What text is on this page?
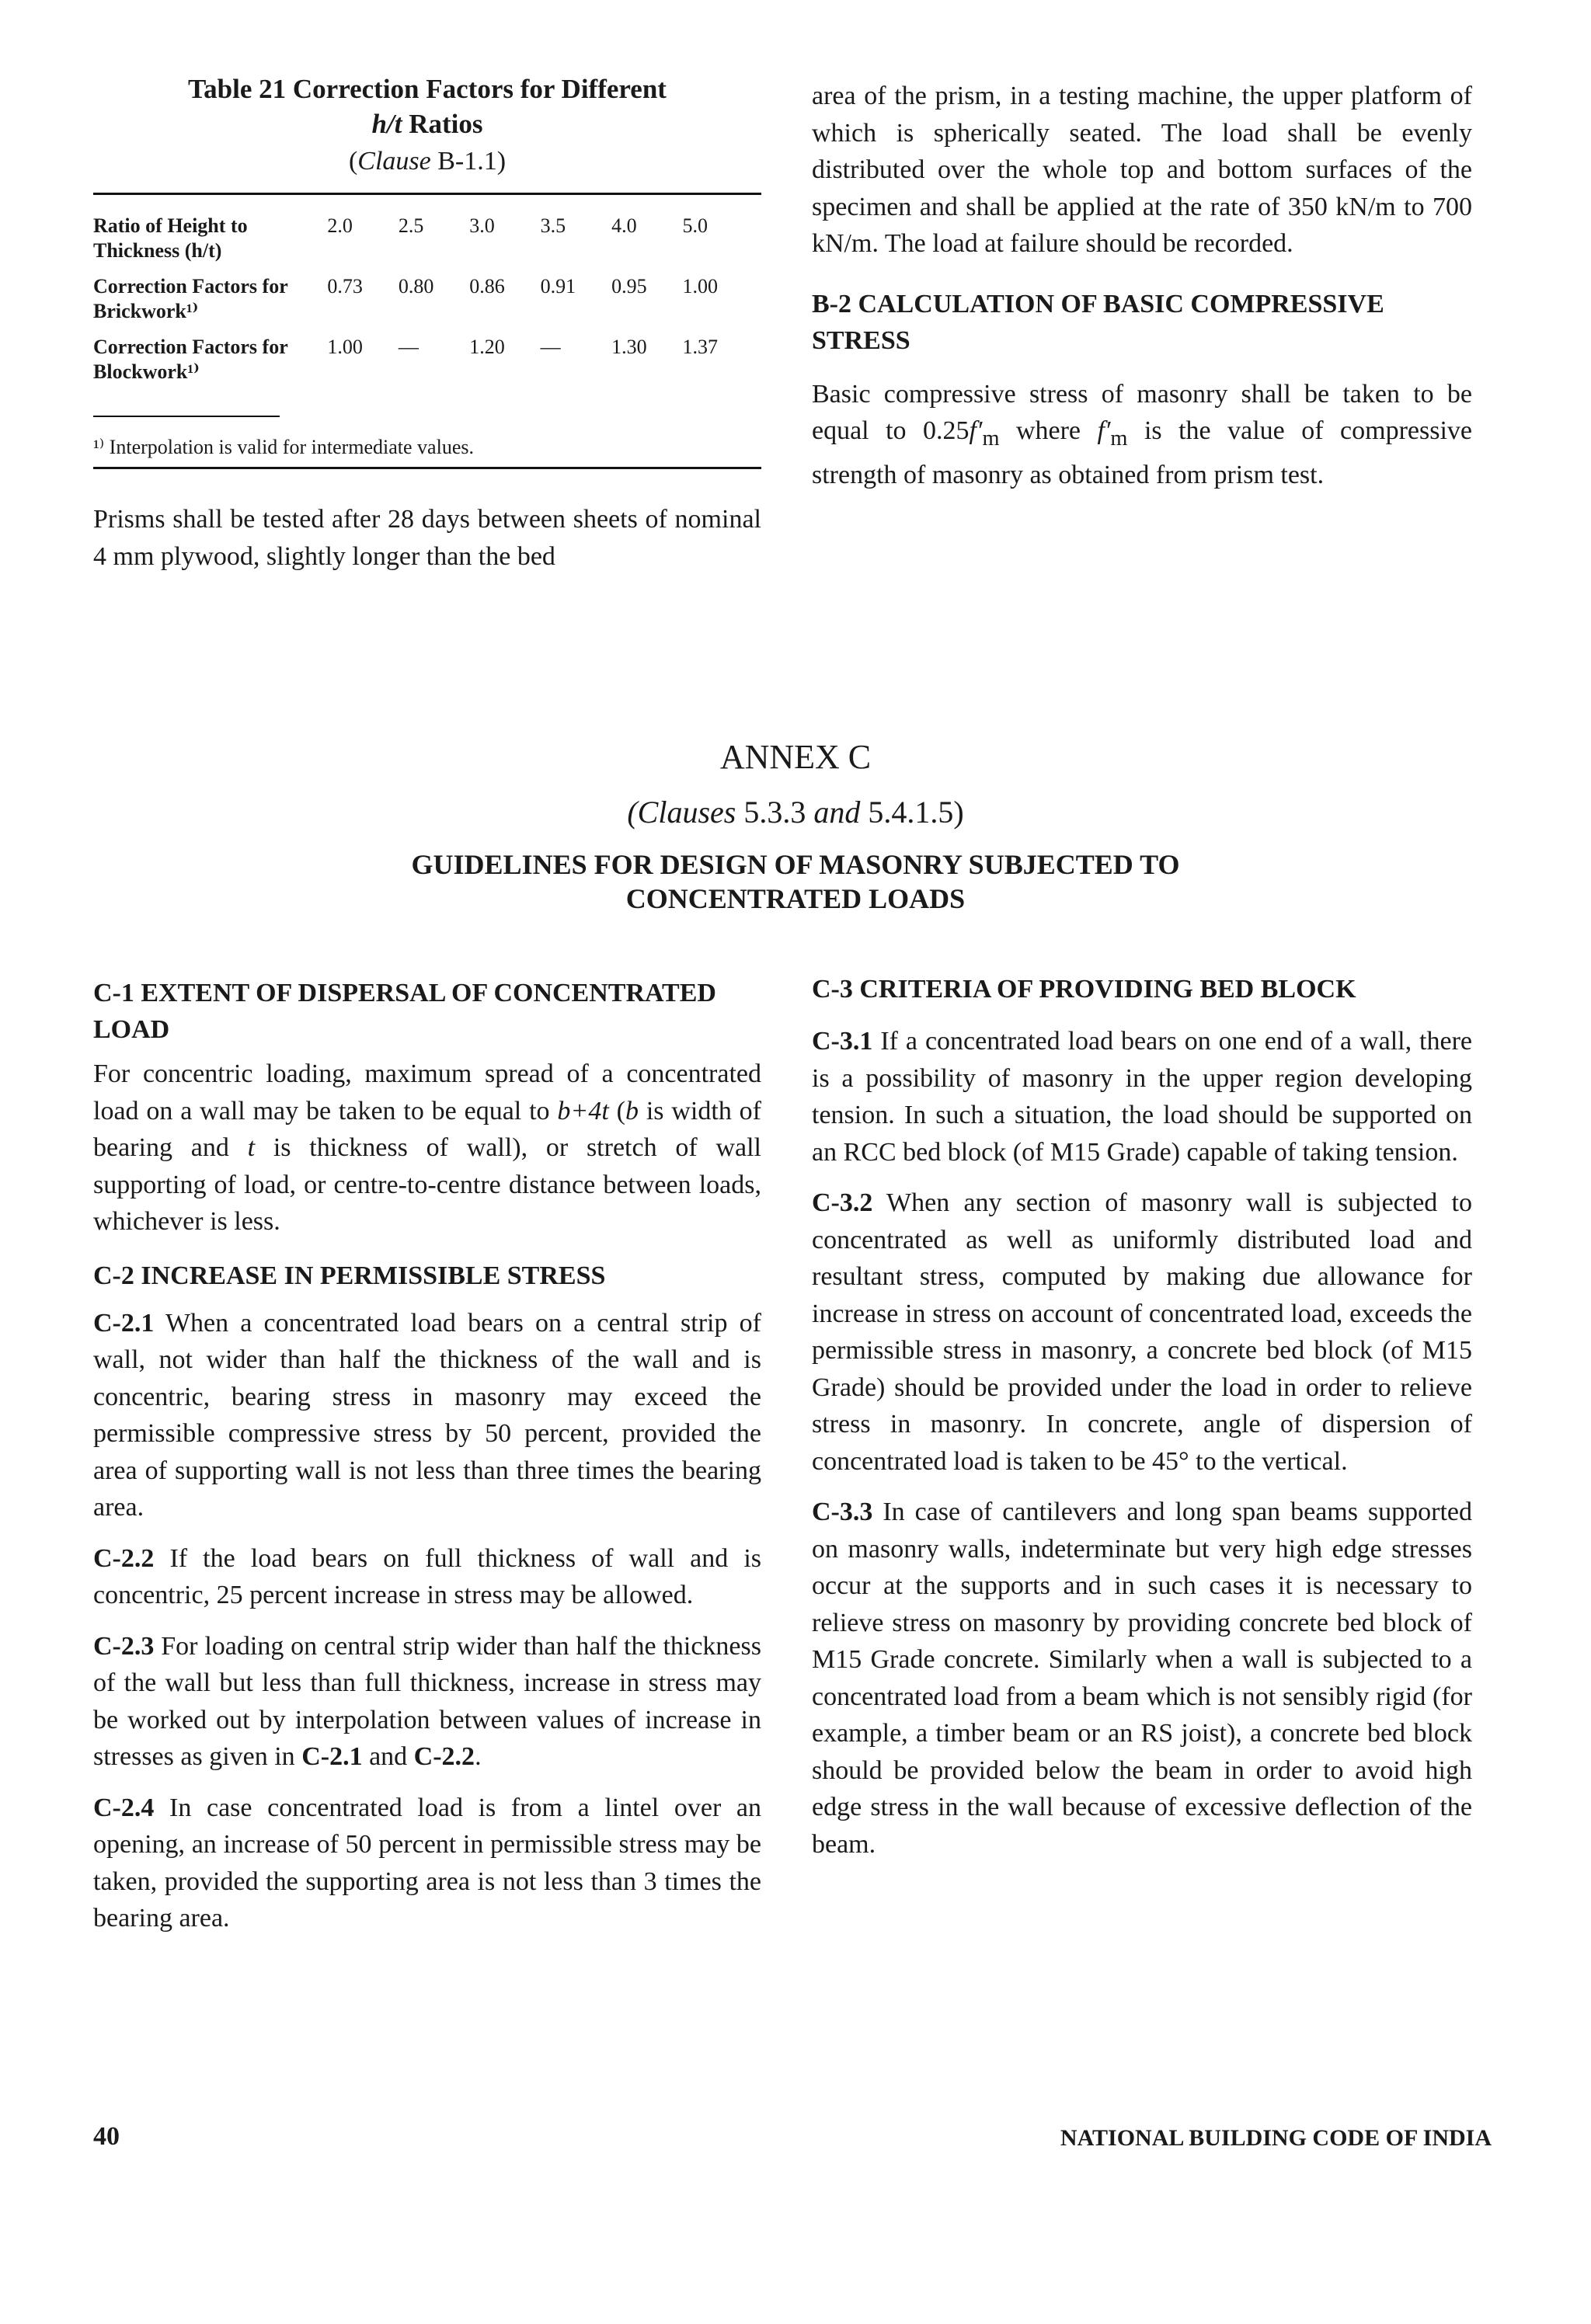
Table 21 Correction Factors for Different
h/t Ratios
(Clause B-1.1)
Ratio of Height to Thickness (h/t)	2.0	2.5	3.0	3.5	4.0	5.0
Correction Factors for Brickwork¹⁾	0.73	0.80	0.86	0.91	0.95	1.00
Correction Factors for Blockwork¹⁾	1.00	—	1.20	—	1.30	1.37
¹⁾ Interpolation is valid for intermediate values.

Prisms shall be tested after 28 days between sheets of nominal 4 mm plywood, slightly longer than the bed

area of the prism, in a testing machine, the upper platform of which is spherically seated. The load shall be evenly distributed over the whole top and bottom surfaces of the specimen and shall be applied at the rate of 350 kN/m to 700 kN/m. The load at failure should be recorded.

B-2 CALCULATION OF BASIC COMPRESSIVE STRESS

Basic compressive stress of masonry shall be taken to be equal to $0.25f'_m$ where $f'_m$ is the value of compressive strength of masonry as obtained from prism test.

ANNEX C
(Clauses 5.3.3 and 5.4.1.5)
GUIDELINES FOR DESIGN OF MASONRY SUBJECTED TO CONCENTRATED LOADS

C-1 EXTENT OF DISPERSAL OF CONCENTRATED LOAD

For concentric loading, maximum spread of a concentrated load on a wall may be taken to be equal to b+4t (b is width of bearing and t is thickness of wall), or stretch of wall supporting of load, or centre-to-centre distance between loads, whichever is less.

C-2 INCREASE IN PERMISSIBLE STRESS

C-2.1 When a concentrated load bears on a central strip of wall, not wider than half the thickness of the wall and is concentric, bearing stress in masonry may exceed the permissible compressive stress by 50 percent, provided the area of supporting wall is not less than three times the bearing area.

C-2.2 If the load bears on full thickness of wall and is concentric, 25 percent increase in stress may be allowed.

C-2.3 For loading on central strip wider than half the thickness of the wall but less than full thickness, increase in stress may be worked out by interpolation between values of increase in stresses as given in C-2.1 and C-2.2.

C-2.4 In case concentrated load is from a lintel over an opening, an increase of 50 percent in permissible stress may be taken, provided the supporting area is not less than 3 times the bearing area.

C-3 CRITERIA OF PROVIDING BED BLOCK

C-3.1 If a concentrated load bears on one end of a wall, there is a possibility of masonry in the upper region developing tension. In such a situation, the load should be supported on an RCC bed block (of M15 Grade) capable of taking tension.

C-3.2 When any section of masonry wall is subjected to concentrated as well as uniformly distributed load and resultant stress, computed by making due allowance for increase in stress on account of concentrated load, exceeds the permissible stress in masonry, a concrete bed block (of M15 Grade) should be provided under the load in order to relieve stress in masonry. In concrete, angle of dispersion of concentrated load is taken to be 45° to the vertical.

C-3.3 In case of cantilevers and long span beams supported on masonry walls, indeterminate but very high edge stresses occur at the supports and in such cases it is necessary to relieve stress on masonry by providing concrete bed block of M15 Grade concrete. Similarly when a wall is subjected to a concentrated load from a beam which is not sensibly rigid (for example, a timber beam or an RS joist), a concrete bed block should be provided below the beam in order to avoid high edge stress in the wall because of excessive deflection of the beam.

40	NATIONAL BUILDING CODE OF INDIA
